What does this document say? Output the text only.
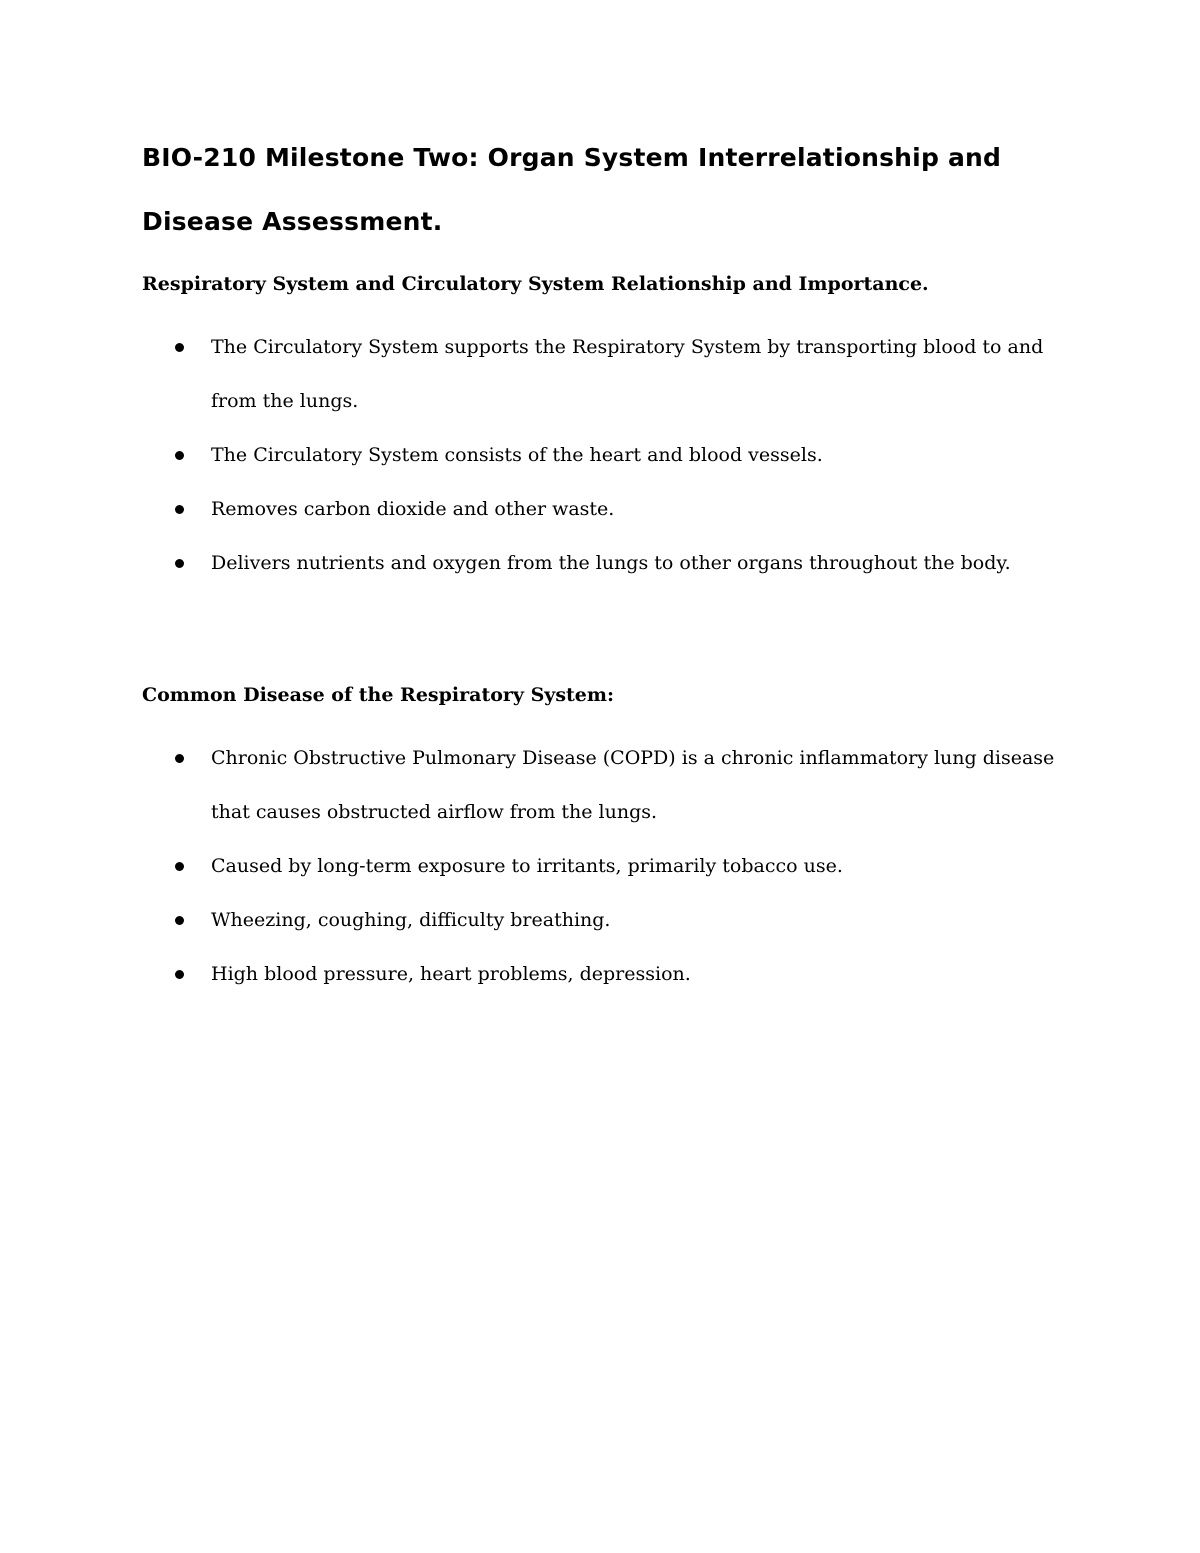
BIO-210 Milestone Two: Organ System Interrelationship and Disease Assessment.
Respiratory System and Circulatory System Relationship and Importance.
The Circulatory System supports the Respiratory System by transporting blood to and from the lungs.
The Circulatory System consists of the heart and blood vessels.
Removes carbon dioxide and other waste.
Delivers nutrients and oxygen from the lungs to other organs throughout the body.
Common Disease of the Respiratory System:
Chronic Obstructive Pulmonary Disease (COPD) is a chronic inflammatory lung disease that causes obstructed airflow from the lungs.
Caused by long-term exposure to irritants, primarily tobacco use.
Wheezing, coughing, difficulty breathing.
High blood pressure, heart problems, depression.
